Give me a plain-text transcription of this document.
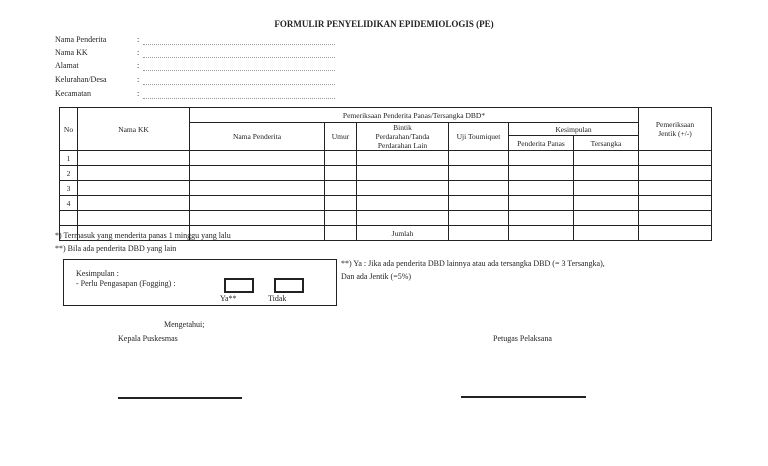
FORMULIR PENYELIDIKAN EPIDEMIOLOGIS (PE)
Nama Penderita	:
Nama KK	:
Alamat	:
Kelurahan/Desa	:
Kecamatan	:
No	Nama KK	Pemeriksaan Penderita Panas/Tersangka DBD*						Pemeriksaan
Jentik (+/-)

		Nama Penderita	Umur	Bintik
Perdarahan/Tanda
Perdarahan Lain	Uji Toumiquet	Kesimpulan		
						Penderita Panas	Tersangka	
1								
2								
3								
4								

				Jumlah				
*) Termasuk yang menderita panas 1 minggu yang lalu
**) Bila ada penderita DBD yang lain
Kesimpulan :
- Perlu Pengasapan (Fogging) :
Ya**	Tidak
**) Ya : Jika ada penderita DBD lainnya atau ada tersangka DBD (= 3 Tersangka),
Dan ada Jentik (=5%)
Mengetahui;
Kepala Puskesmas	Petugas Pelaksana
